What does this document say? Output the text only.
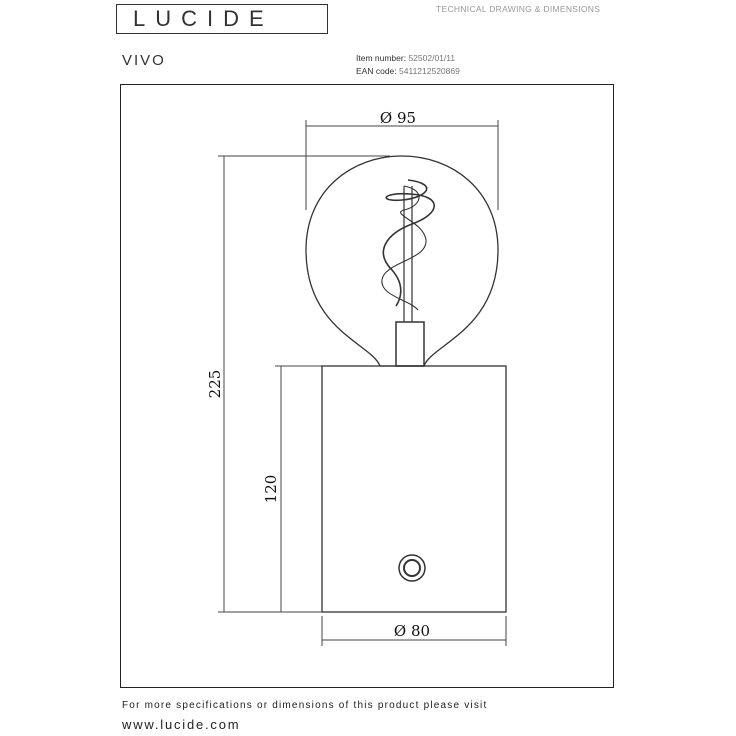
LUCIDE	TECHNICAL DRAWING & DIMENSIONS
VIVO	Item number: 52502/01/11
EAN code: 5411212520869
Ø 95
225
120
Ø 80
For more specifications or dimensions of this product please visit
www.lucide.com
